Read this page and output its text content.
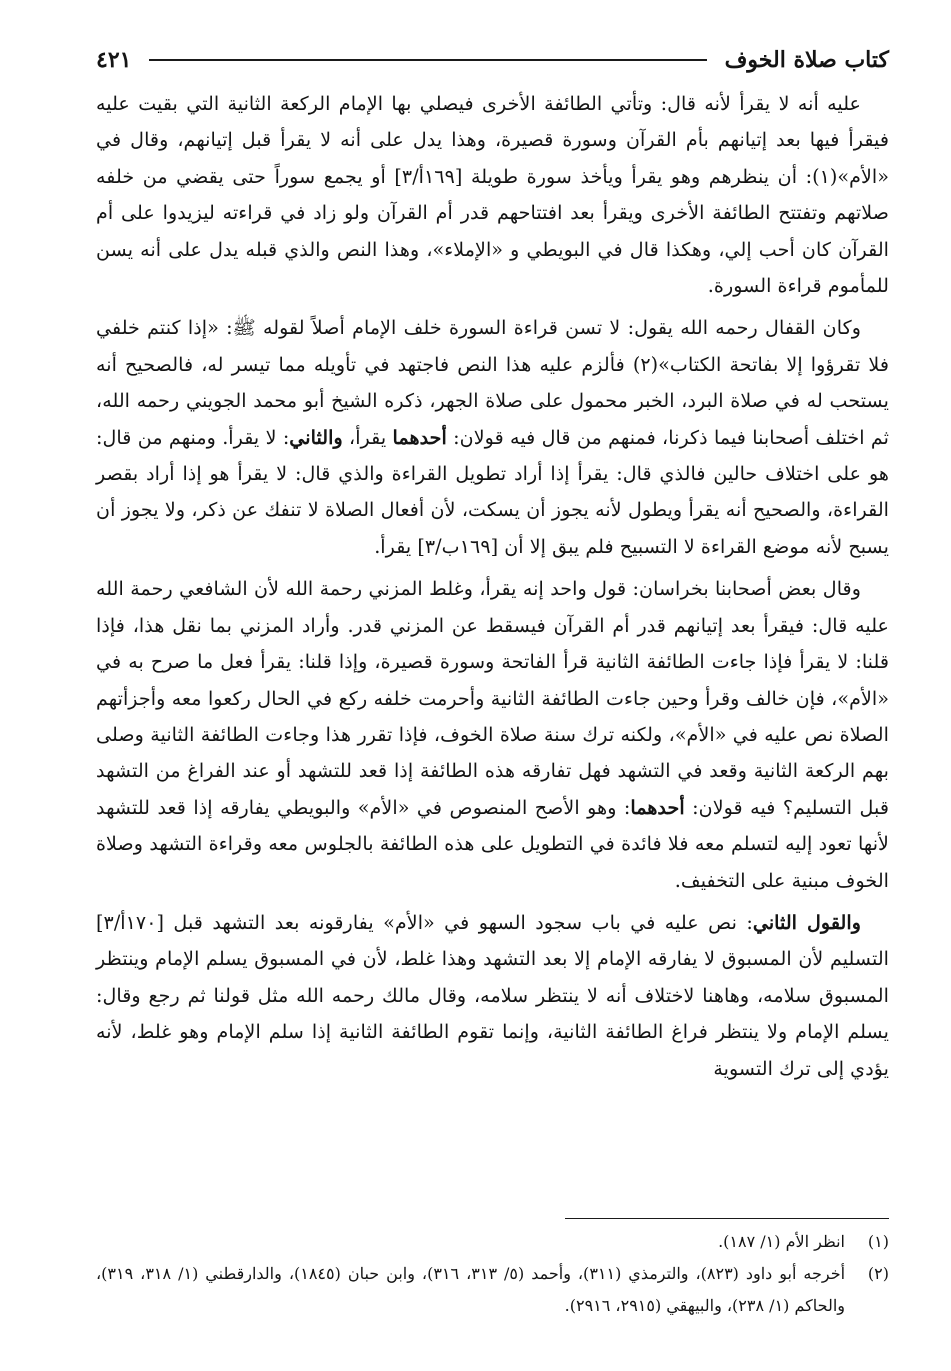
كتاب صلاة الخوف
٤٢١

عليه أنه لا يقرأ لأنه قال: وتأتي الطائفة الأخرى فيصلي بها الإمام الركعة الثانية التي بقيت عليه فيقرأ فيها بعد إتيانهم بأم القرآن وسورة قصيرة، وهذا يدل على أنه لا يقرأ قبل إتيانهم، وقال في «الأم»(١): أن ينظرهم وهو يقرأ ويأخذ سورة طويلة [١٦٩أ/٣] أو يجمع سوراً حتى يقضي من خلفه صلاتهم وتفتتح الطائفة الأخرى ويقرأ بعد افتتاحهم قدر أم القرآن ولو زاد في قراءته ليزيدوا على أم القرآن كان أحب إلي، وهكذا قال في البويطي و «الإملاء»، وهذا النص والذي قبله يدل على أنه يسن للمأموم قراءة السورة.

وكان القفال رحمه الله يقول: لا تسن قراءة السورة خلف الإمام أصلاً لقوله ﷺ: «إذا كنتم خلفي فلا تقرؤوا إلا بفاتحة الكتاب»(٢) فألزم عليه هذا النص فاجتهد في تأويله مما تيسر له، فالصحيح أنه يستحب له في صلاة البرد، الخبر محمول على صلاة الجهر، ذكره الشيخ أبو محمد الجويني رحمه الله، ثم اختلف أصحابنا فيما ذكرنا، فمنهم من قال فيه قولان: أحدهما يقرأ، والثاني: لا يقرأ. ومنهم من قال: هو على اختلاف حالين فالذي قال: يقرأ إذا أراد تطويل القراءة والذي قال: لا يقرأ هو إذا أراد بقصر القراءة، والصحيح أنه يقرأ ويطول لأنه يجوز أن يسكت، لأن أفعال الصلاة لا تنفك عن ذكر، ولا يجوز أن يسبح لأنه موضع القراءة لا التسبيح فلم يبق إلا أن [١٦٩ب/٣] يقرأ.

وقال بعض أصحابنا بخراسان: قول واحد إنه يقرأ، وغلط المزني رحمة الله لأن الشافعي رحمة الله عليه قال: فيقرأ بعد إتيانهم قدر أم القرآن فيسقط عن المزني قدر. وأراد المزني بما نقل هذا، فإذا قلنا: لا يقرأ فإذا جاءت الطائفة الثانية قرأ الفاتحة وسورة قصيرة، وإذا قلنا: يقرأ فعل ما صرح به في «الأم»، فإن خالف وقرأ وحين جاءت الطائفة الثانية وأحرمت خلفه ركع في الحال ركعوا معه وأجزأتهم الصلاة نص عليه في «الأم»، ولكنه ترك سنة صلاة الخوف، فإذا تقرر هذا وجاءت الطائفة الثانية وصلى بهم الركعة الثانية وقعد في التشهد فهل تفارقه هذه الطائفة إذا قعد للتشهد أو عند الفراغ من التشهد قبل التسليم؟ فيه قولان: أحدهما: وهو الأصح المنصوص في «الأم» والبويطي يفارقه إذا قعد للتشهد لأنها تعود إليه لتسلم معه فلا فائدة في التطويل على هذه الطائفة بالجلوس معه وقراءة التشهد وصلاة الخوف مبنية على التخفيف.

والقول الثاني: نص عليه في باب سجود السهو في «الأم» يفارقونه بعد التشهد قبل [١٧٠أ/٣] التسليم لأن المسبوق لا يفارقه الإمام إلا بعد التشهد وهذا غلط، لأن في المسبوق يسلم الإمام وينتظر المسبوق سلامه، وهاهنا لاختلاف أنه لا ينتظر سلامه، وقال مالك رحمه الله مثل قولنا ثم رجع وقال: يسلم الإمام ولا ينتظر فراغ الطائفة الثانية، وإنما تقوم الطائفة الثانية إذا سلم الإمام وهو غلط، لأنه يؤدي إلى ترك التسوية

(١)
انظر الأم (١/ ١٨٧).
(٢)
أخرجه أبو داود (٨٢٣)، والترمذي (٣١١)، وأحمد (٥/ ٣١٣، ٣١٦)، وابن حبان (١٨٤٥)، والدارقطني (١/ ٣١٨، ٣١٩)، والحاكم (١/ ٢٣٨)، والبيهقي (٢٩١٥، ٢٩١٦).
